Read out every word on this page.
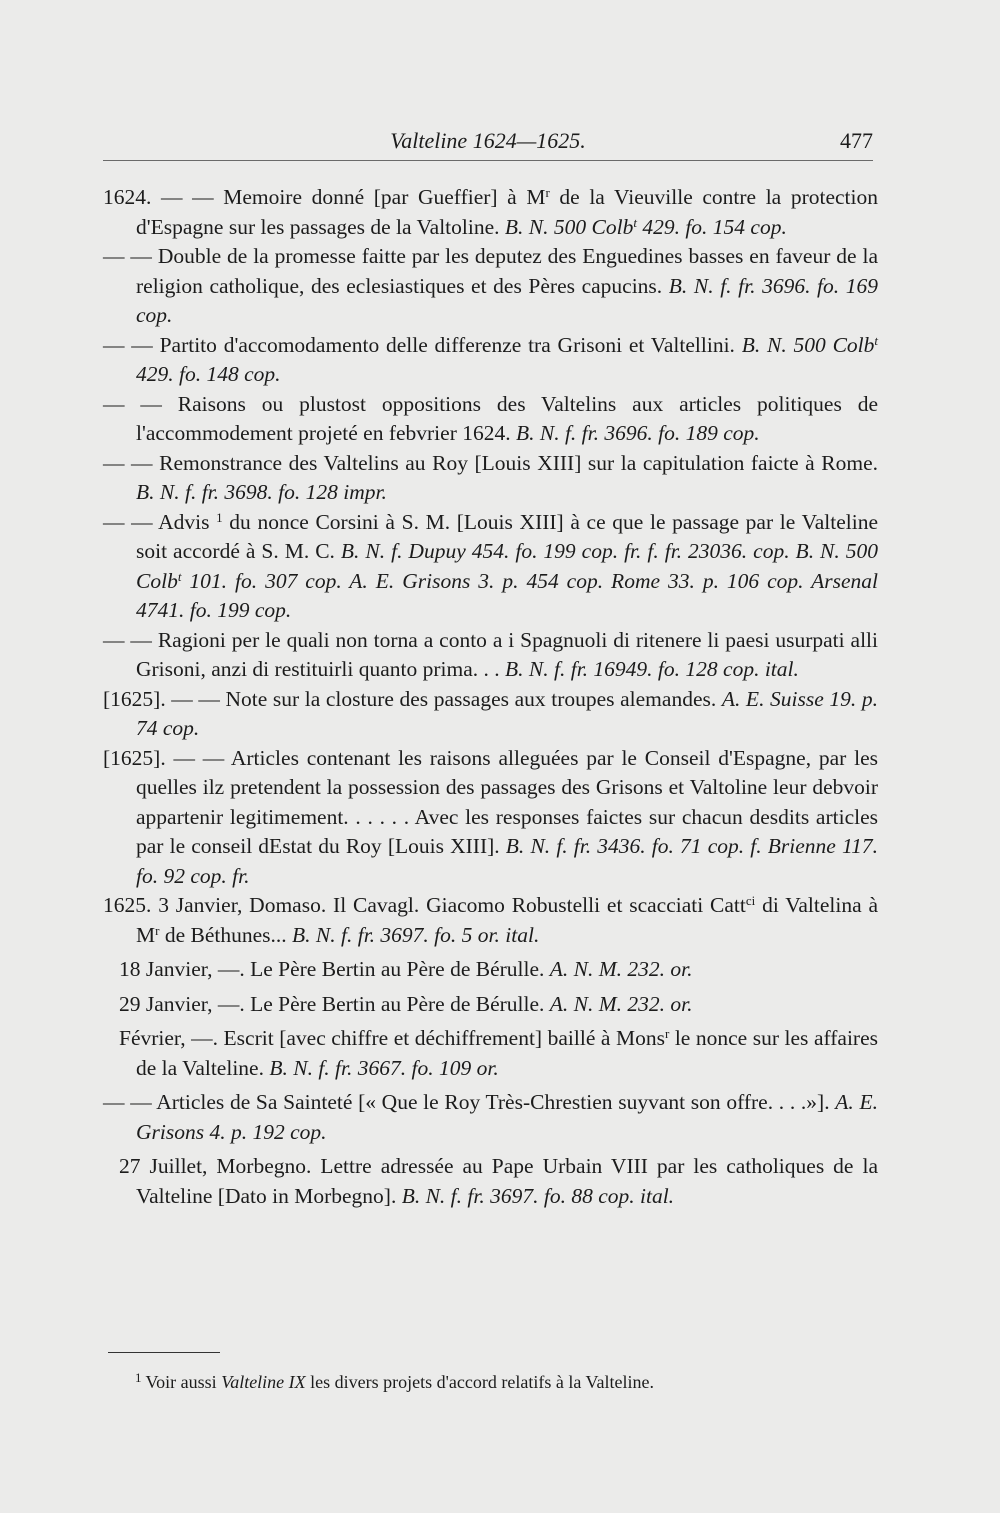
Valteline 1624—1625.	477

1624. — — Memoire donné [par Gueffier] à $M^r$ de la Vieuville contre la protection d'Espagne sur les passages de la Valtoline. B. N. 500 Colb$^t$ 429. fo. 154 cop.

— — Double de la promesse faitte par les deputez des Enguedines basses en faveur de la religion catholique, des eclesiastiques et des Pères capucins. B. N. f. fr. 3696. fo. 169 cop.

— — Partito d'accomodamento delle differenze tra Grisoni et Valtellini. B. N. 500 Colb$^t$ 429. fo. 148 cop.

— — Raisons ou plustost oppositions des Valtelins aux articles politiques de l'accommodement projeté en febvrier 1624. B. N. f. fr. 3696. fo. 189 cop.

— — Remonstrance des Valtelins au Roy [Louis XIII] sur la capitulation faicte à Rome. B. N. f. fr. 3698. fo. 128 impr.

— — Advis $^1$ du nonce Corsini à S. M. [Louis XIII] à ce que le passage par le Valteline soit accordé à S. M. C. B. N. f. Dupuy 454. fo. 199 cop. fr. f. fr. 23036. cop. B. N. 500 Colb$^t$ 101. fo. 307 cop. A. E. Grisons 3. p. 454 cop. Rome 33. p. 106 cop. Arsenal 4741. fo. 199 cop.

— — Ragioni per le quali non torna a conto a i Spagnuoli di ritenere li paesi usurpati alli Grisoni, anzi di restituirli quanto prima. . . B. N. f. fr. 16949. fo. 128 cop. ital.

[1625]. — — Note sur la closture des passages aux troupes alemandes. A. E. Suisse 19. p. 74 cop.

[1625]. — — Articles contenant les raisons alleguées par le Conseil d'Espagne, par les quelles ilz pretendent la possession des passages des Grisons et Valtoline leur debvoir appartenir legitimement. . . . . . Avec les responses faictes sur chacun desdits articles par le conseil dEstat du Roy [Louis XIII]. B. N. f. fr. 3436. fo. 71 cop. f. Brienne 117. fo. 92 cop. fr.

1625. 3 Janvier, Domaso. Il Cavagl. Giacomo Robustelli et scacciati Catt$^{ci}$ di Valtelina à $M^r$ de Béthunes... B. N. f. fr. 3697. fo. 5 or. ital.

18 Janvier, —. Le Père Bertin au Père de Bérulle. A. N. M. 232. or.

29 Janvier, —. Le Père Bertin au Père de Bérulle. A. N. M. 232. or.

Février, —. Escrit [avec chiffre et déchiffrement] baillé à Mons$^r$ le nonce sur les affaires de la Valteline. B. N. f. fr. 3667. fo. 109 or.

— — Articles de Sa Sainteté [« Que le Roy Très-Chrestien suyvant son offre. . . .»]. A. E. Grisons 4. p. 192 cop.

27 Juillet, Morbegno. Lettre adressée au Pape Urbain VIII par les catholiques de la Valteline [Dato in Morbegno]. B. N. f. fr. 3697. fo. 88 cop. ital.

$^1$ Voir aussi Valteline IX les divers projets d'accord relatifs à la Valteline.
